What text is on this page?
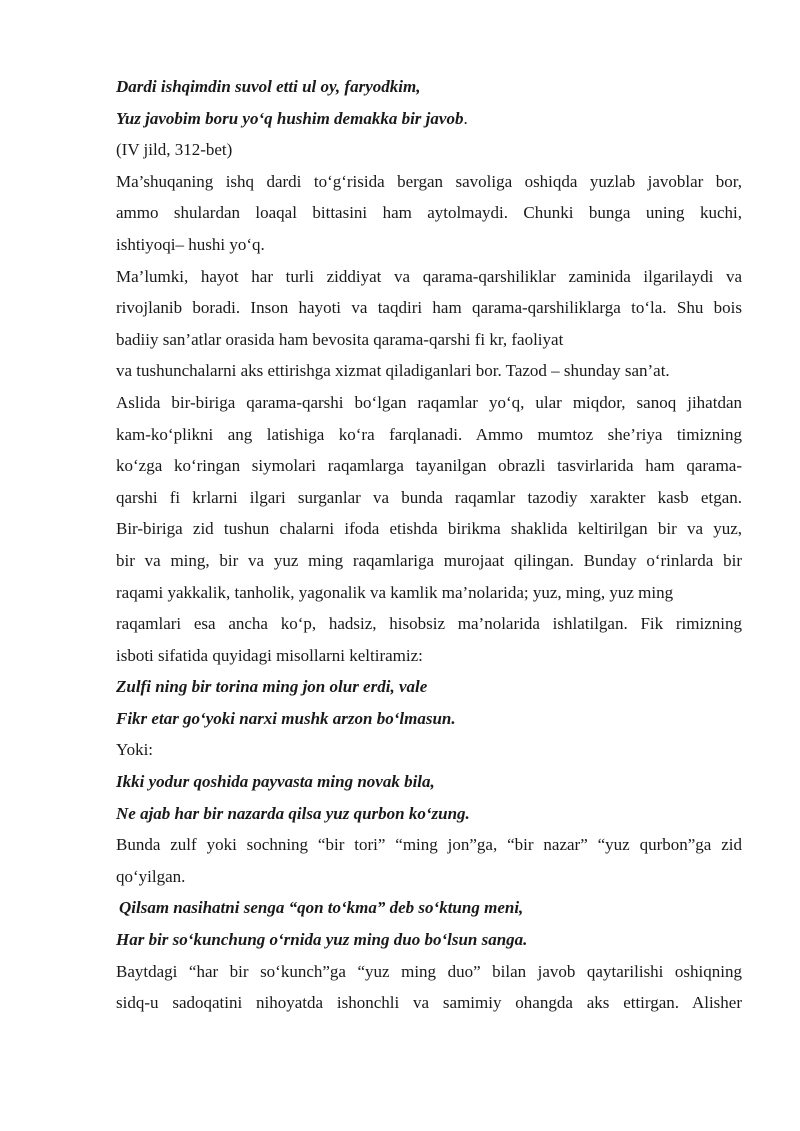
Dardi ishqimdin suvol etti ul oy, faryodkim,
Yuz javobim boru yo‘q hushim demakka bir javob.
(IV jild, 312-bet)
Ma’shuqaning ishq dardi to‘g‘risida bergan savoliga oshiqda yuzlab javoblar bor,
ammo shulardan loaqal bittasini ham aytolmaydi. Chunki bunga uning kuchi,
ishtiyoqi– hushi yo‘q.
Ma’lumki, hayot har turli ziddiyat va qarama-qarshiliklar zaminida ilgarilaydi va
rivojlanib boradi. Inson hayoti va taqdiri ham qarama-qarshiliklarga to‘la. Shu bois
badiiy san’atlar orasida ham bevosita qarama-qarshi fi kr, faoliyat
va tushunchalarni aks ettirishga xizmat qiladiganlari bor. Tazod – shunday san’at.
Aslida bir-biriga qarama-qarshi bo‘lgan raqamlar yo‘q, ular miqdor, sanoq jihatdan
kam-ko‘plikni ang latishiga ko‘ra farqlanadi. Ammo mumtoz she’riya timizning
ko‘zga ko‘ringan siymolari raqamlarga tayanilgan obrazli tasvirlarida ham qarama-
qarshi fi krlarni ilgari surganlar va bunda raqamlar tazodiy xarakter kasb etgan.
Bir-biriga zid tushun chalarni ifoda etishda birikma shaklida keltirilgan bir va yuz,
bir va ming, bir va yuz ming raqamlariga murojaat qilingan. Bunday o‘rinlarda bir
raqami yakkalik, tanholik, yagonalik va kamlik ma’nolarida; yuz, ming, yuz ming
raqamlari esa ancha ko‘p, hadsiz, hisobsiz ma’nolarida ishlatilgan. Fik rimizning
isboti sifatida quyidagi misollarni keltiramiz:
Zulfi ning bir torina ming jon olur erdi, vale
Fikr etar go‘yoki narxi mushk arzon bo‘lmasun.
Yoki:
Ikki yodur qoshida payvasta ming novak bila,
Ne ajab har bir nazarda qilsa yuz qurbon ko‘zung.
Bunda zulf yoki sochning “bir tori” “ming jon”ga, “bir nazar” “yuz qurbon”ga zid
qo‘yilgan.
Qilsam nasihatni senga “qon to‘kma” deb so‘ktung meni,
Har bir so‘kunchung o‘rnida yuz ming duo bo‘lsun sanga.
Baytdagi “har bir so‘kunch”ga “yuz ming duo” bilan javob qaytarilishi oshiqning
sidq-u sadoqatini nihoyatda ishonchli va samimiy ohangda aks ettirgan. Alisher
